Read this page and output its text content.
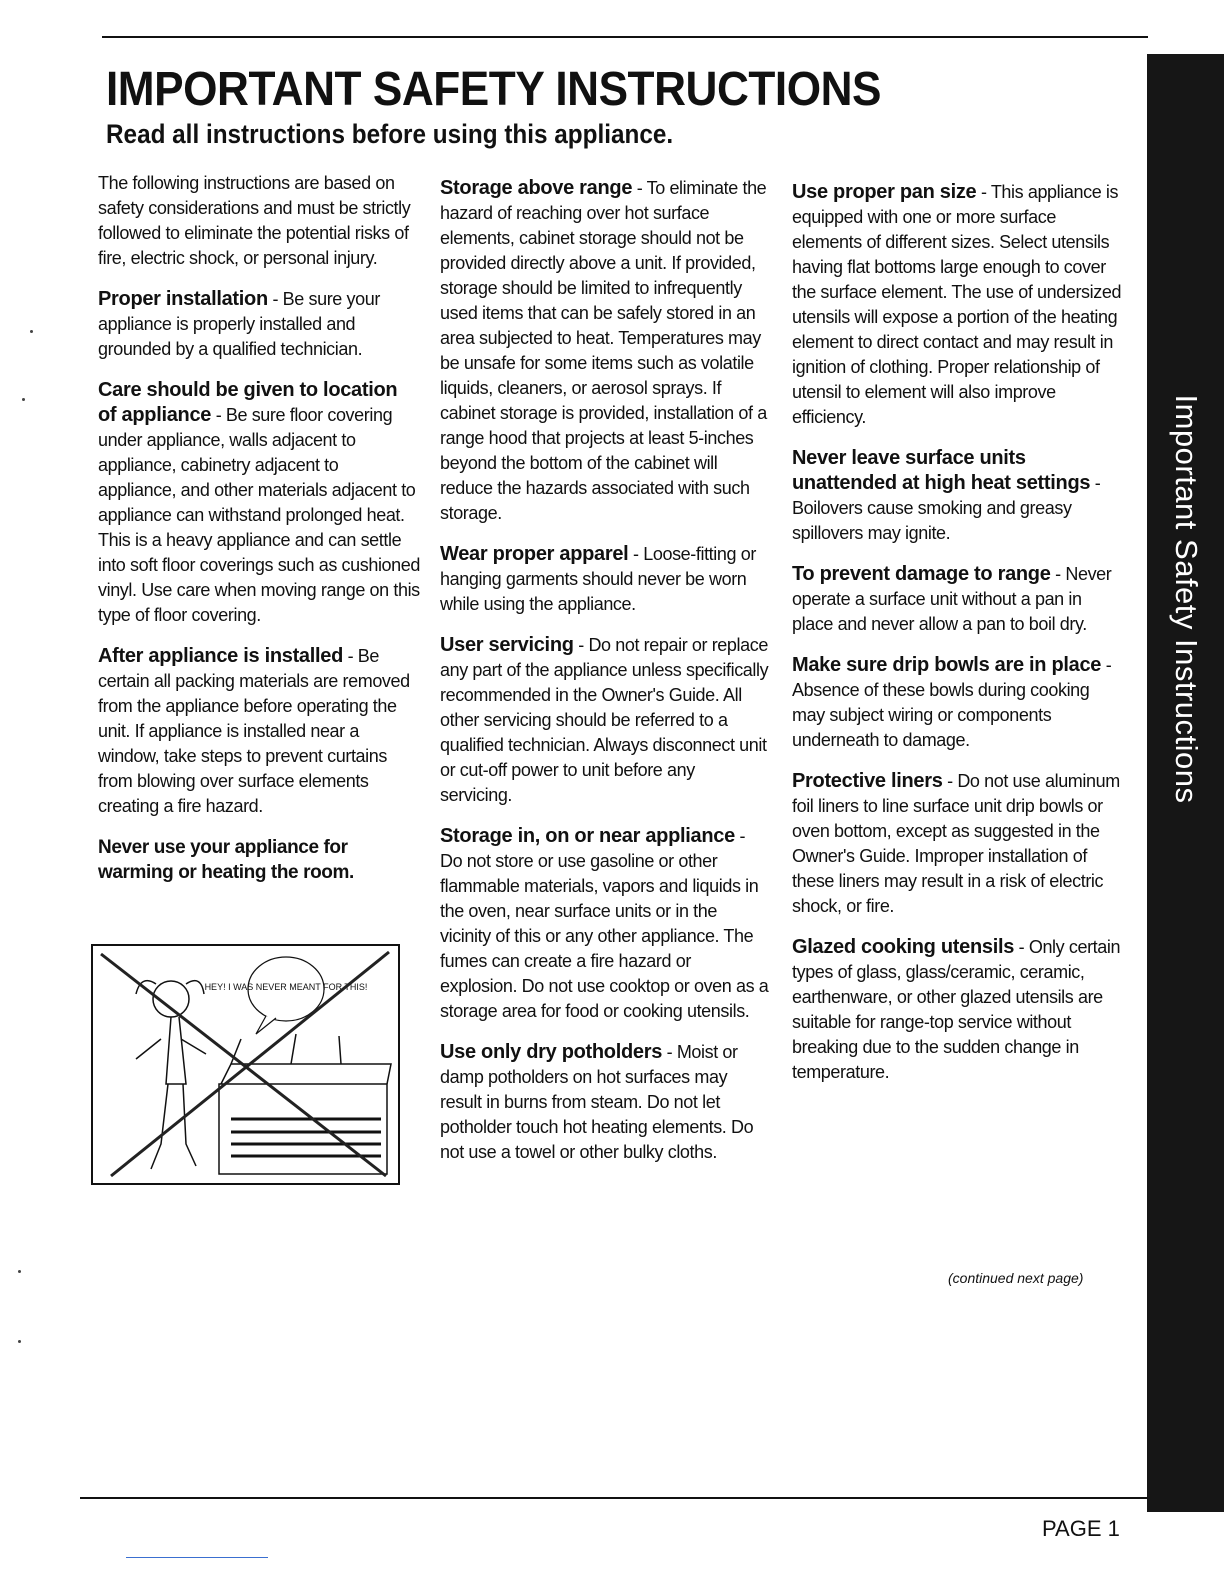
Important Safety Instructions
IMPORTANT SAFETY INSTRUCTIONS
Read all instructions before using this appliance.

The following instructions are based on safety considerations and must be strictly followed to eliminate the potential risks of fire, electric shock, or personal injury.

Proper installation - Be sure your appliance is properly installed and grounded by a qualified technician.

Care should be given to location of appliance - Be sure floor covering under appliance, walls adjacent to appliance, cabinetry adjacent to appliance, and other materials adjacent to appliance can withstand prolonged heat. This is a heavy appliance and can settle into soft floor coverings such as cushioned vinyl. Use care when moving range on this type of floor covering.

After appliance is installed - Be certain all packing materials are removed from the appliance before operating the unit. If appliance is installed near a window, take steps to prevent curtains from blowing over surface elements creating a fire hazard.

Never use your appliance for warming or heating the room.

HEY! I WAS NEVER MEANT FOR THIS!

Storage above range - To eliminate the hazard of reaching over hot surface elements, cabinet storage should not be provided directly above a unit. If provided, storage should be limited to infrequently used items that can be safely stored in an area subjected to heat. Temperatures may be unsafe for some items such as volatile liquids, cleaners, or aerosol sprays. If cabinet storage is provided, installation of a range hood that projects at least 5-inches beyond the bottom of the cabinet will reduce the hazards associated with such storage.

Wear proper apparel - Loose-fitting or hanging garments should never be worn while using the appliance.

User servicing - Do not repair or replace any part of the appliance unless specifically recommended in the Owner's Guide. All other servicing should be referred to a qualified technician. Always disconnect unit or cut-off power to unit before any servicing.

Storage in, on or near appliance - Do not store or use gasoline or other flammable materials, vapors and liquids in the oven, near surface units or in the vicinity of this or any other appliance. The fumes can create a fire hazard or explosion. Do not use cooktop or oven as a storage area for food or cooking utensils.

Use only dry potholders - Moist or damp potholders on hot surfaces may result in burns from steam. Do not let potholder touch hot heating elements. Do not use a towel or other bulky cloths.

Use proper pan size - This appliance is equipped with one or more surface elements of different sizes. Select utensils having flat bottoms large enough to cover the surface element. The use of undersized utensils will expose a portion of the heating element to direct contact and may result in ignition of clothing. Proper relationship of utensil to element will also improve efficiency.

Never leave surface units unattended at high heat settings - Boilovers cause smoking and greasy spillovers may ignite.

To prevent damage to range - Never operate a surface unit without a pan in place and never allow a pan to boil dry.

Make sure drip bowls are in place - Absence of these bowls during cooking may subject wiring or components underneath to damage.

Protective liners - Do not use aluminum foil liners to line surface unit drip bowls or oven bottom, except as suggested in the Owner's Guide. Improper installation of these liners may result in a risk of electric shock, or fire.

Glazed cooking utensils - Only certain types of glass, glass/ceramic, ceramic, earthenware, or other glazed utensils are suitable for range-top service without breaking due to the sudden change in temperature.

(continued next page)
PAGE 1
